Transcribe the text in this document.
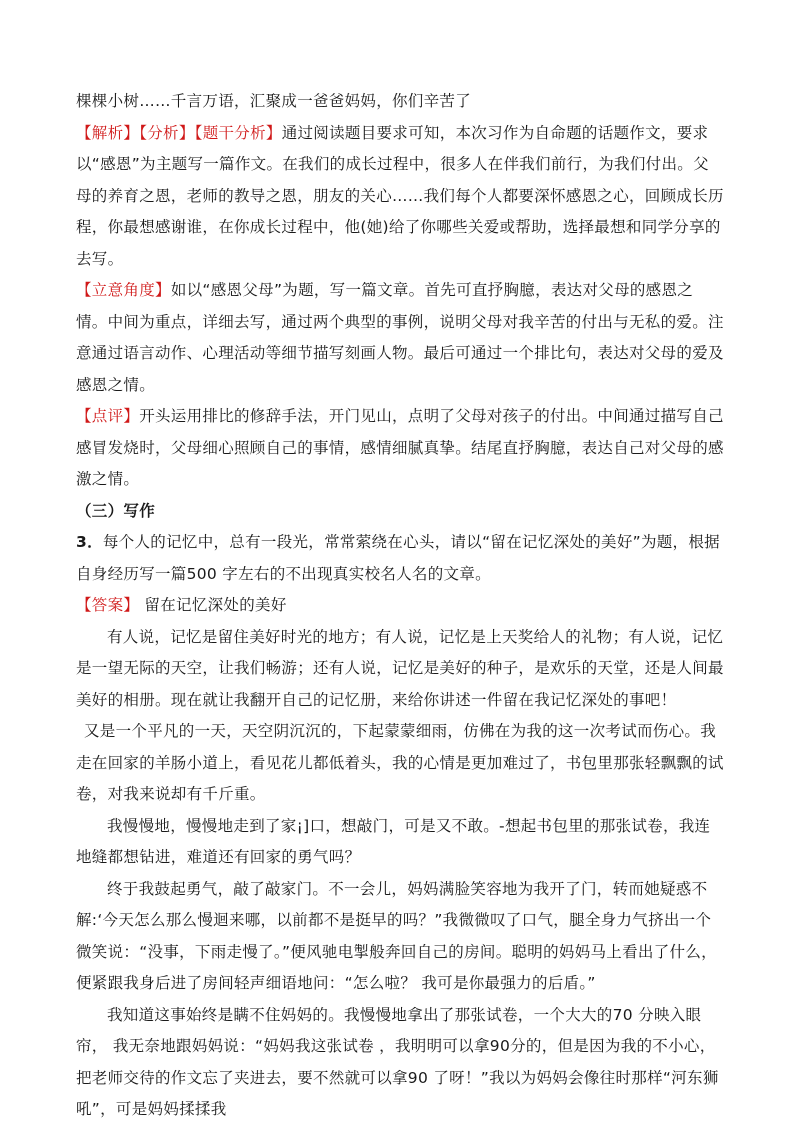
棵棵小树……千言万语，汇聚成一爸爸妈妈，你们辛苦了

【解析】【分析】【题干分析】通过阅读题目要求可知，本次习作为自命题的话题作文，要求以“感恩”为主题写一篇作文。在我们的成长过程中，很多人在伴我们前行，为我们付出。父母的养育之恩，老师的教导之恩，朋友的关心……我们每个人都要深怀感恩之心，回顾成长历程，你最想感谢谁，在你成长过程中，他(她)给了你哪些关爱或帮助，选择最想和同学分享的去写。

【立意角度】如以“感恩父母”为题，写一篇文章。首先可直抒胸臆，表达对父母的感恩之情。中间为重点，详细去写，通过两个典型的事例，说明父母对我辛苦的付出与无私的爱。注意通过语言动作、心理活动等细节描写刻画人物。最后可通过一个排比句，表达对父母的爱及感恩之情。

【点评】开头运用排比的修辞手法，开门见山，点明了父母对孩子的付出。中间通过描写自己感冒发烧时，父母细心照顾自己的事情，感情细腻真挚。结尾直抒胸臆，表达自己对父母的感激之情。

（三）写作

3．每个人的记忆中，总有一段光，常常萦绕在心头，请以“留在记忆深处的美好”为题，根据自身经历写一篇500 字左右的不出现真实校名人名的文章。

【答案】 留在记忆深处的美好

有人说，记忆是留住美好时光的地方；有人说，记忆是上天奖给人的礼物；有人说，记忆是一望无际的天空，让我们畅游；还有人说，记忆是美好的种子，是欢乐的天堂，还是人间最美好的相册。现在就让我翻开自己的记忆册，来给你讲述一件留在我记忆深处的事吧！

又是一个平凡的一天，天空阴沉沉的，下起蒙蒙细雨，仿佛在为我的这一次考试而伤心。我走在回家的羊肠小道上，看见花儿都低着头，我的心情是更加难过了，书包里那张轻飘飘的试卷，对我来说却有千斤重。

我慢慢地，慢慢地走到了家¡]口，想敲门，可是又不敢。-想起书包里的那张试卷，我连地缝都想钻进，难道还有回家的勇气吗？

终于我鼓起勇气，敲了敲家门。不一会儿，妈妈满脸笑容地为我开了门，转而她疑惑不解:‘今天怎么那么慢迴来哪，以前都不是挺早的吗？”我微微叹了口气，腿全身力气挤出一个微笑说：“没事，下雨走慢了。”便风驰电掣般奔回自己的房间。聪明的妈妈马上看出了什么，便紧跟我身后进了房间轻声细语地问：“怎么啦？ 我可是你最强力的后盾。”

我知道这事始终是瞒不住妈妈的。我慢慢地拿出了那张试卷，一个大大的70 分映入眼帘， 我无奈地跟妈妈说：“妈妈我这张试卷 ，我明明可以拿90分的，但是因为我的不小心，把老师交待的作文忘了夹进去，要不然就可以拿90 了呀！”我以为妈妈会像往时那样“河东狮吼”，可是妈妈揉揉我
